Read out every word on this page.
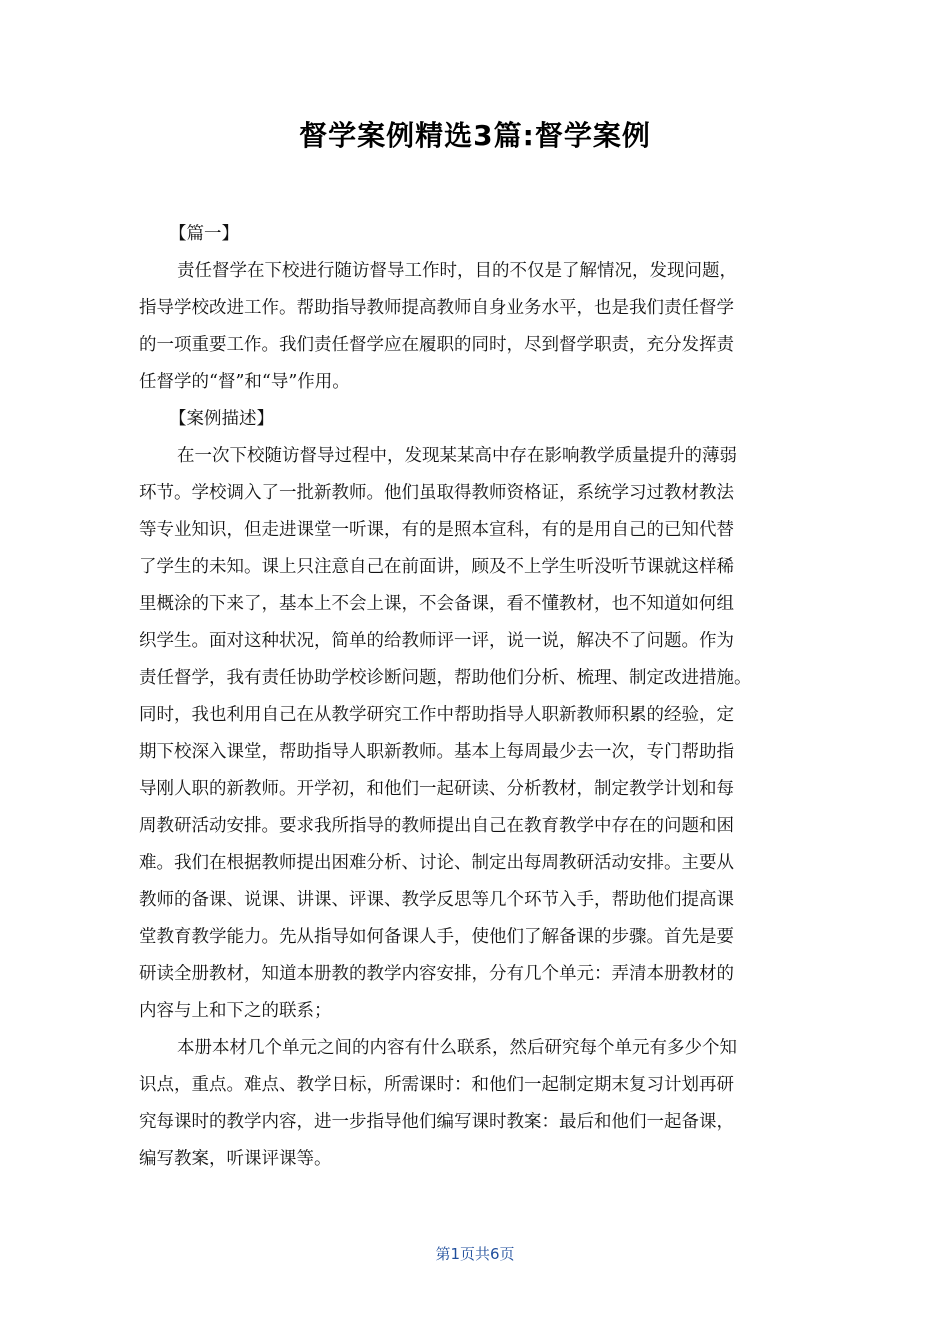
督学案例精选3篇:督学案例
【篇一】
责任督学在下校进行随访督导工作时，目的不仅是了解情况，发现问题，
指导学校改进工作。帮助指导教师提高教师自身业务水平，也是我们责任督学
的一项重要工作。我们责任督学应在履职的同时，尽到督学职责，充分发挥责
任督学的“督”和“导”作用。
【案例描述】
在一次下校随访督导过程中，发现某某高中存在影响教学质量提升的薄弱
环节。学校调入了一批新教师。他们虽取得教师资格证，系统学习过教材教法
等专业知识，但走进课堂一听课，有的是照本宣科，有的是用自己的已知代替
了学生的未知。课上只注意自己在前面讲，顾及不上学生听没听节课就这样稀
里概涂的下来了，基本上不会上课，不会备课，看不懂教材，也不知道如何组
织学生。面对这种状况，简单的给教师评一评，说一说，解决不了问题。作为
责任督学，我有责任协助学校诊断问题，帮助他们分析、梳理、制定改进措施。
同时，我也利用自己在从教学研究工作中帮助指导人职新教师积累的经验，定
期下校深入课堂，帮助指导人职新教师。基本上每周最少去一次，专门帮助指
导刚人职的新教师。开学初，和他们一起研读、分析教材，制定教学计划和每
周教研活动安排。要求我所指导的教师提出自己在教育教学中存在的问题和困
难。我们在根据教师提出困难分析、讨论、制定出每周教研活动安排。主要从
教师的备课、说课、讲课、评课、教学反思等几个环节入手，帮助他们提高课
堂教育教学能力。先从指导如何备课人手，使他们了解备课的步骤。首先是要
研读全册教材，知道本册教的教学内容安排，分有几个单元：弄清本册教材的
内容与上和下之的联系；
本册本材几个单元之间的内容有什么联系，然后研究每个单元有多少个知
识点，重点。难点、教学日标，所需课时：和他们一起制定期末复习计划再研
究每课时的教学内容，进一步指导他们编写课时教案：最后和他们一起备课，
编写教案，听课评课等。
第1页共6页
